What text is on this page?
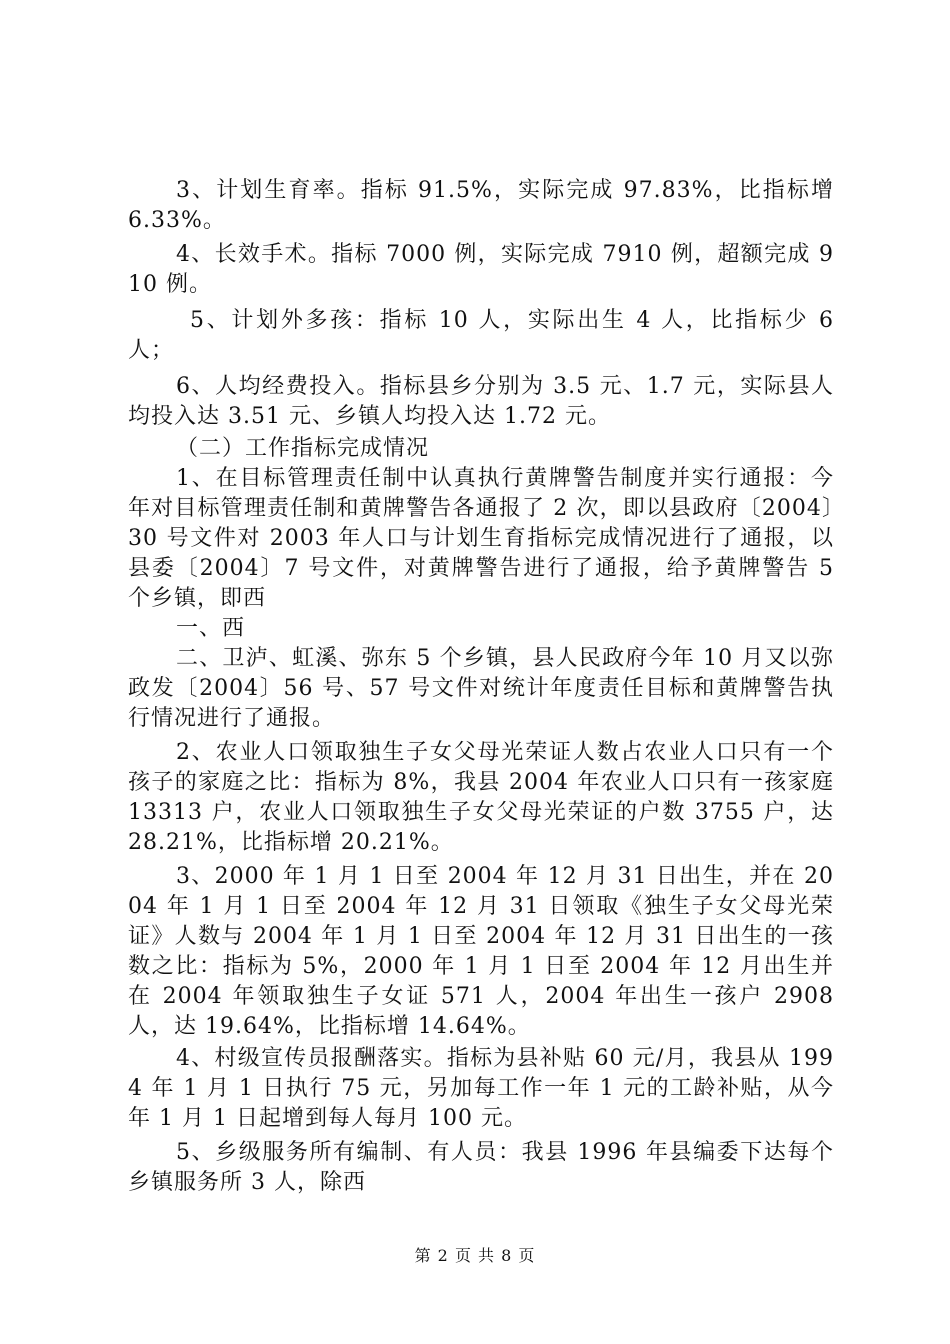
3、计划生育率。指标 91.5%，实际完成 97.83%，比指标增 6.33%。

4、长效手术。指标 7000 例，实际完成 7910 例，超额完成 910 例。

5、计划外多孩：指标 10 人，实际出生 4 人，比指标少 6 人；

6、人均经费投入。指标县乡分别为 3.5 元、1.7 元，实际县人均投入达 3.51 元、乡镇人均投入达 1.72 元。

（二）工作指标完成情况

1、在目标管理责任制中认真执行黄牌警告制度并实行通报：今年对目标管理责任制和黄牌警告各通报了 2 次，即以县政府〔2004〕30 号文件对 2003 年人口与计划生育指标完成情况进行了通报，以县委〔2004〕7 号文件，对黄牌警告进行了通报，给予黄牌警告 5 个乡镇，即西

一、西

二、卫泸、虹溪、弥东 5 个乡镇，县人民政府今年 10 月又以弥政发〔2004〕56 号、57 号文件对统计年度责任目标和黄牌警告执行情况进行了通报。

2、农业人口领取独生子女父母光荣证人数占农业人口只有一个孩子的家庭之比：指标为 8%，我县 2004 年农业人口只有一孩家庭 13313 户，农业人口领取独生子女父母光荣证的户数 3755 户，达 28.21%，比指标增 20.21%。

3、2000 年 1 月 1 日至 2004 年 12 月 31 日出生，并在 2004 年 1 月 1 日至 2004 年 12 月 31 日领取《独生子女父母光荣证》人数与 2004 年 1 月 1 日至 2004 年 12 月 31 日出生的一孩数之比：指标为 5%，2000 年 1 月 1 日至 2004 年 12 月出生并在 2004 年领取独生子女证 571 人，2004 年出生一孩户 2908 人，达 19.64%，比指标增 14.64%。

4、村级宣传员报酬落实。指标为县补贴 60 元/月，我县从 1994 年 1 月 1 日执行 75 元，另加每工作一年 1 元的工龄补贴，从今年 1 月 1 日起增到每人每月 100 元。

5、乡级服务所有编制、有人员：我县 1996 年县编委下达每个乡镇服务所 3 人，除西

第 2 页 共 8 页
